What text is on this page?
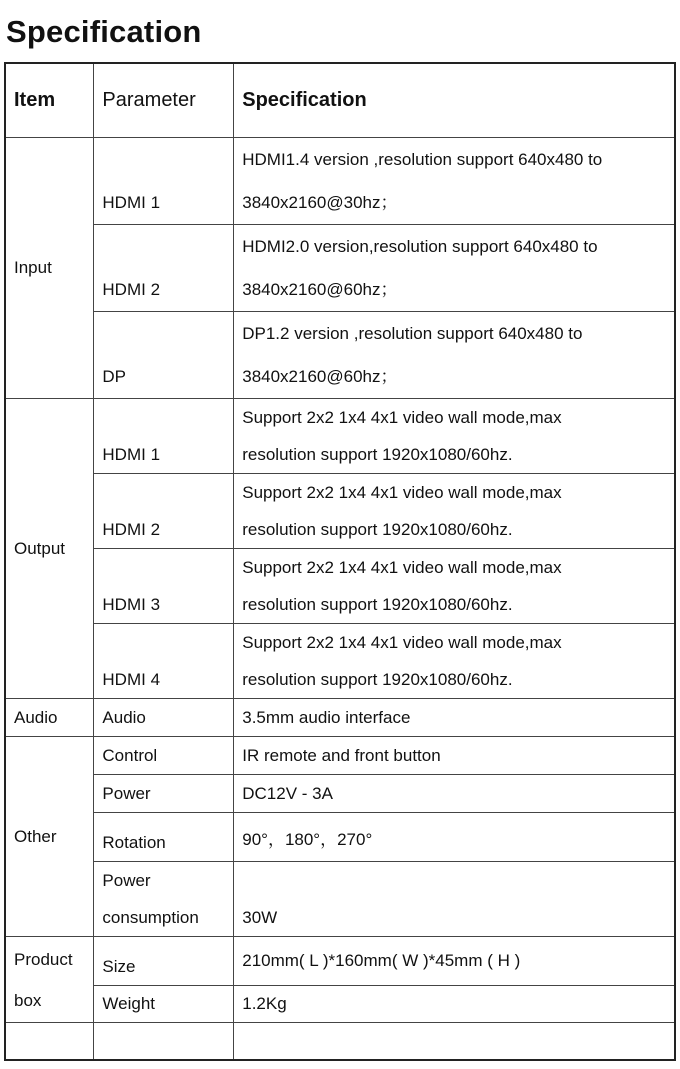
Specification
Item	Parameter	Specification
Input	HDMI 1	HDMI1.4 version ,resolution support 640x480 to
3840x2160@30hz；

	HDMI 2	HDMI2.0 version,resolution support 640x480 to
3840x2160@60hz；

	DP	DP1.2 version ,resolution support 640x480 to
3840x2160@60hz；

Output	HDMI 1	Support 2x2 1x4 4x1 video wall mode,max
resolution support 1920x1080/60hz.

	HDMI 2	Support 2x2 1x4 4x1 video wall mode,max
resolution support 1920x1080/60hz.

	HDMI 3	Support 2x2 1x4 4x1 video wall mode,max
resolution support 1920x1080/60hz.

	HDMI 4	Support 2x2 1x4 4x1 video wall mode,max
resolution support 1920x1080/60hz.

Audio	Audio	3.5mm audio interface
Other	Control	IR remote and front button
	Power	DC12V - 3A

	Rotation	90°，180°，270°

	Power
consumption	30W

Product
box	Size	210mm( L )*160mm( W )*45mm ( H )
	Weight	1.2Kg
